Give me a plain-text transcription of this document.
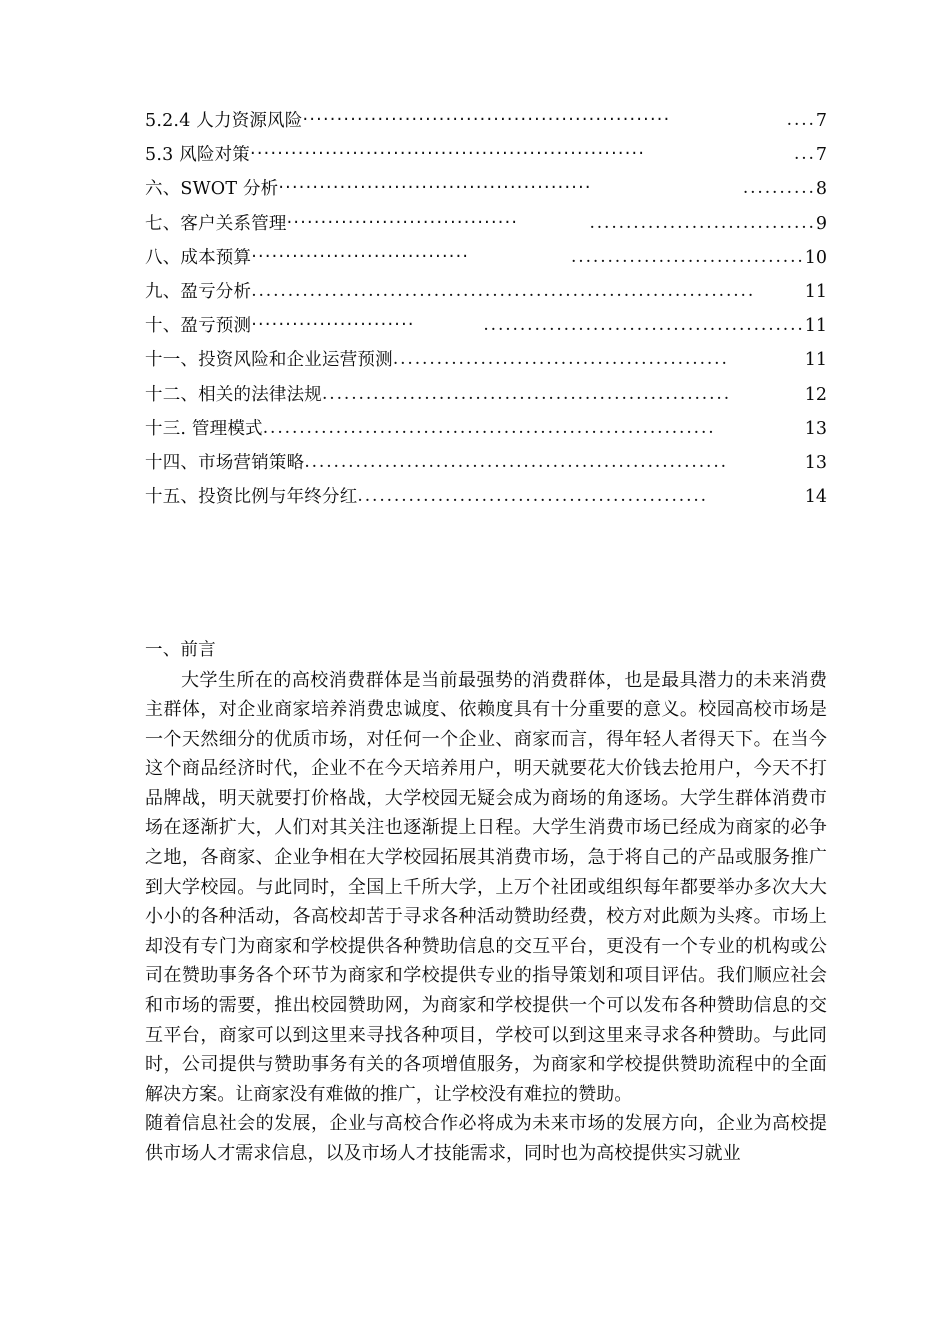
5.2.4 人力资源风险 ······················································	.... 7
5.3 风险对策 ··························································	... 7
六、SWOT 分析 ··············································	.......... 8
七、客户关系管理 ··································	............................... 9
八、成本预算 ································	................................ 10
九、盈亏分析 .....................................................................	11
十、盈亏预测 ························	............................................ 11
十一、投资风险和企业运营预测 ..............................................	11
十二、相关的法律法规 ........................................................	12
十三. 管理模式 ..............................................................	13
十四、市场营销策略 ..........................................................	13
十五、投资比例与年终分红 ................................................	14

一、前言

大学生所在的高校消费群体是当前最强势的消费群体，也是最具潜力的未来消费主群体，对企业商家培养消费忠诚度、依赖度具有十分重要的意义。校园高校市场是一个天然细分的优质市场，对任何一个企业、商家而言，得年轻人者得天下。在当今这个商品经济时代，企业不在今天培养用户，明天就要花大价钱去抢用户，今天不打品牌战，明天就要打价格战，大学校园无疑会成为商场的角逐场。大学生群体消费市场在逐渐扩大，人们对其关注也逐渐提上日程。大学生消费市场已经成为商家的必争之地，各商家、企业争相在大学校园拓展其消费市场，急于将自己的产品或服务推广到大学校园。与此同时，全国上千所大学，上万个社团或组织每年都要举办多次大大小小的各种活动，各高校却苦于寻求各种活动赞助经费，校方对此颇为头疼。市场上却没有专门为商家和学校提供各种赞助信息的交互平台，更没有一个专业的机构或公司在赞助事务各个环节为商家和学校提供专业的指导策划和项目评估。我们顺应社会和市场的需要，推出校园赞助网，为商家和学校提供一个可以发布各种赞助信息的交互平台，商家可以到这里来寻找各种项目，学校可以到这里来寻求各种赞助。与此同时，公司提供与赞助事务有关的各项增值服务，为商家和学校提供赞助流程中的全面解决方案。让商家没有难做的推广，让学校没有难拉的赞助。

随着信息社会的发展，企业与高校合作必将成为未来市场的发展方向，企业为高校提供市场人才需求信息，以及市场人才技能需求，同时也为高校提供实习就业
